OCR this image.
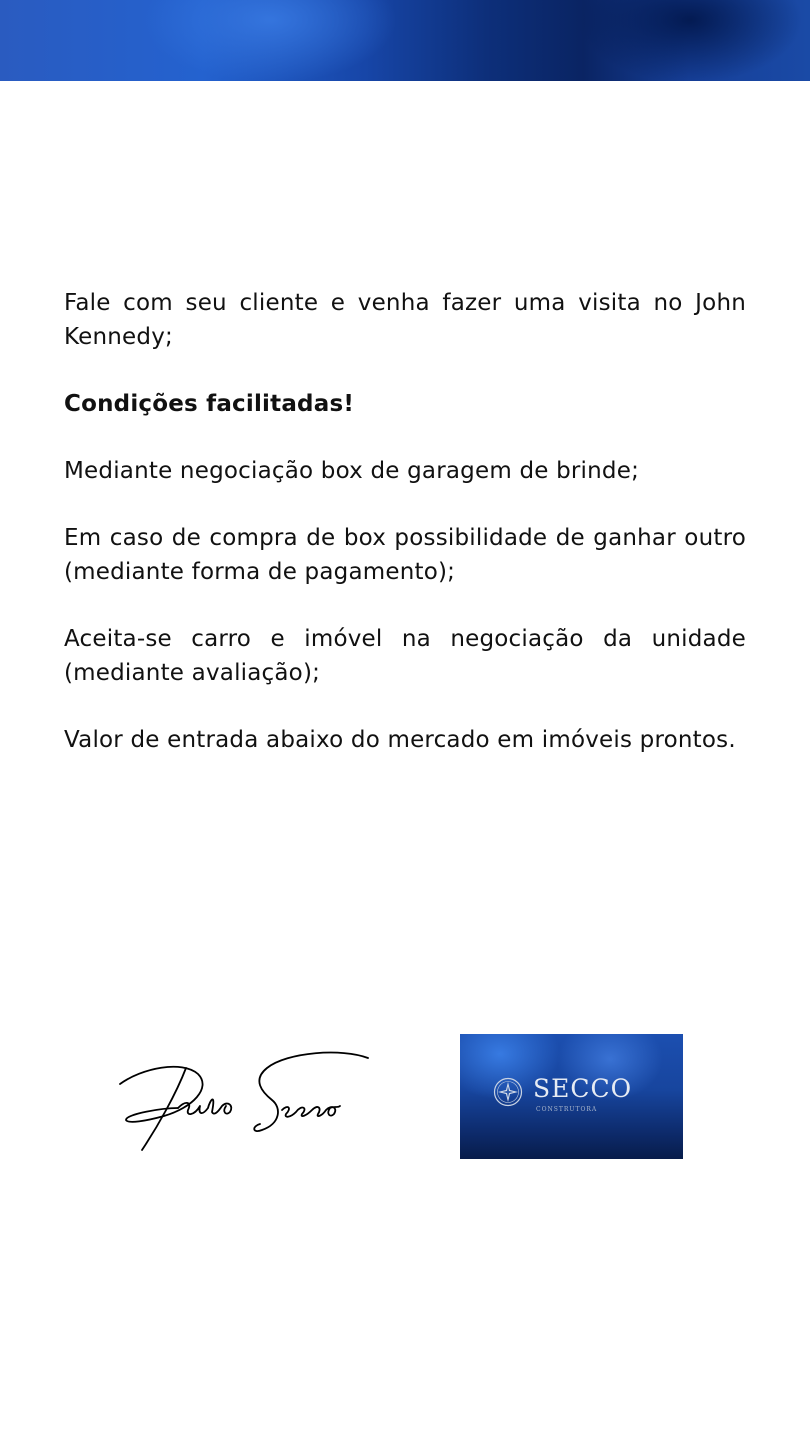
Fale com seu cliente e venha fazer uma visita no John Kennedy;

Condições facilitadas!

Mediante negociação box de garagem de brinde;

Em caso de compra de box possibilidade de ganhar outro (mediante forma de pagamento);

Aceita-se carro e imóvel na negociação da unidade (mediante avaliação);

Valor de entrada abaixo do mercado em imóveis prontos.

SECCO
CONSTRUTORA
